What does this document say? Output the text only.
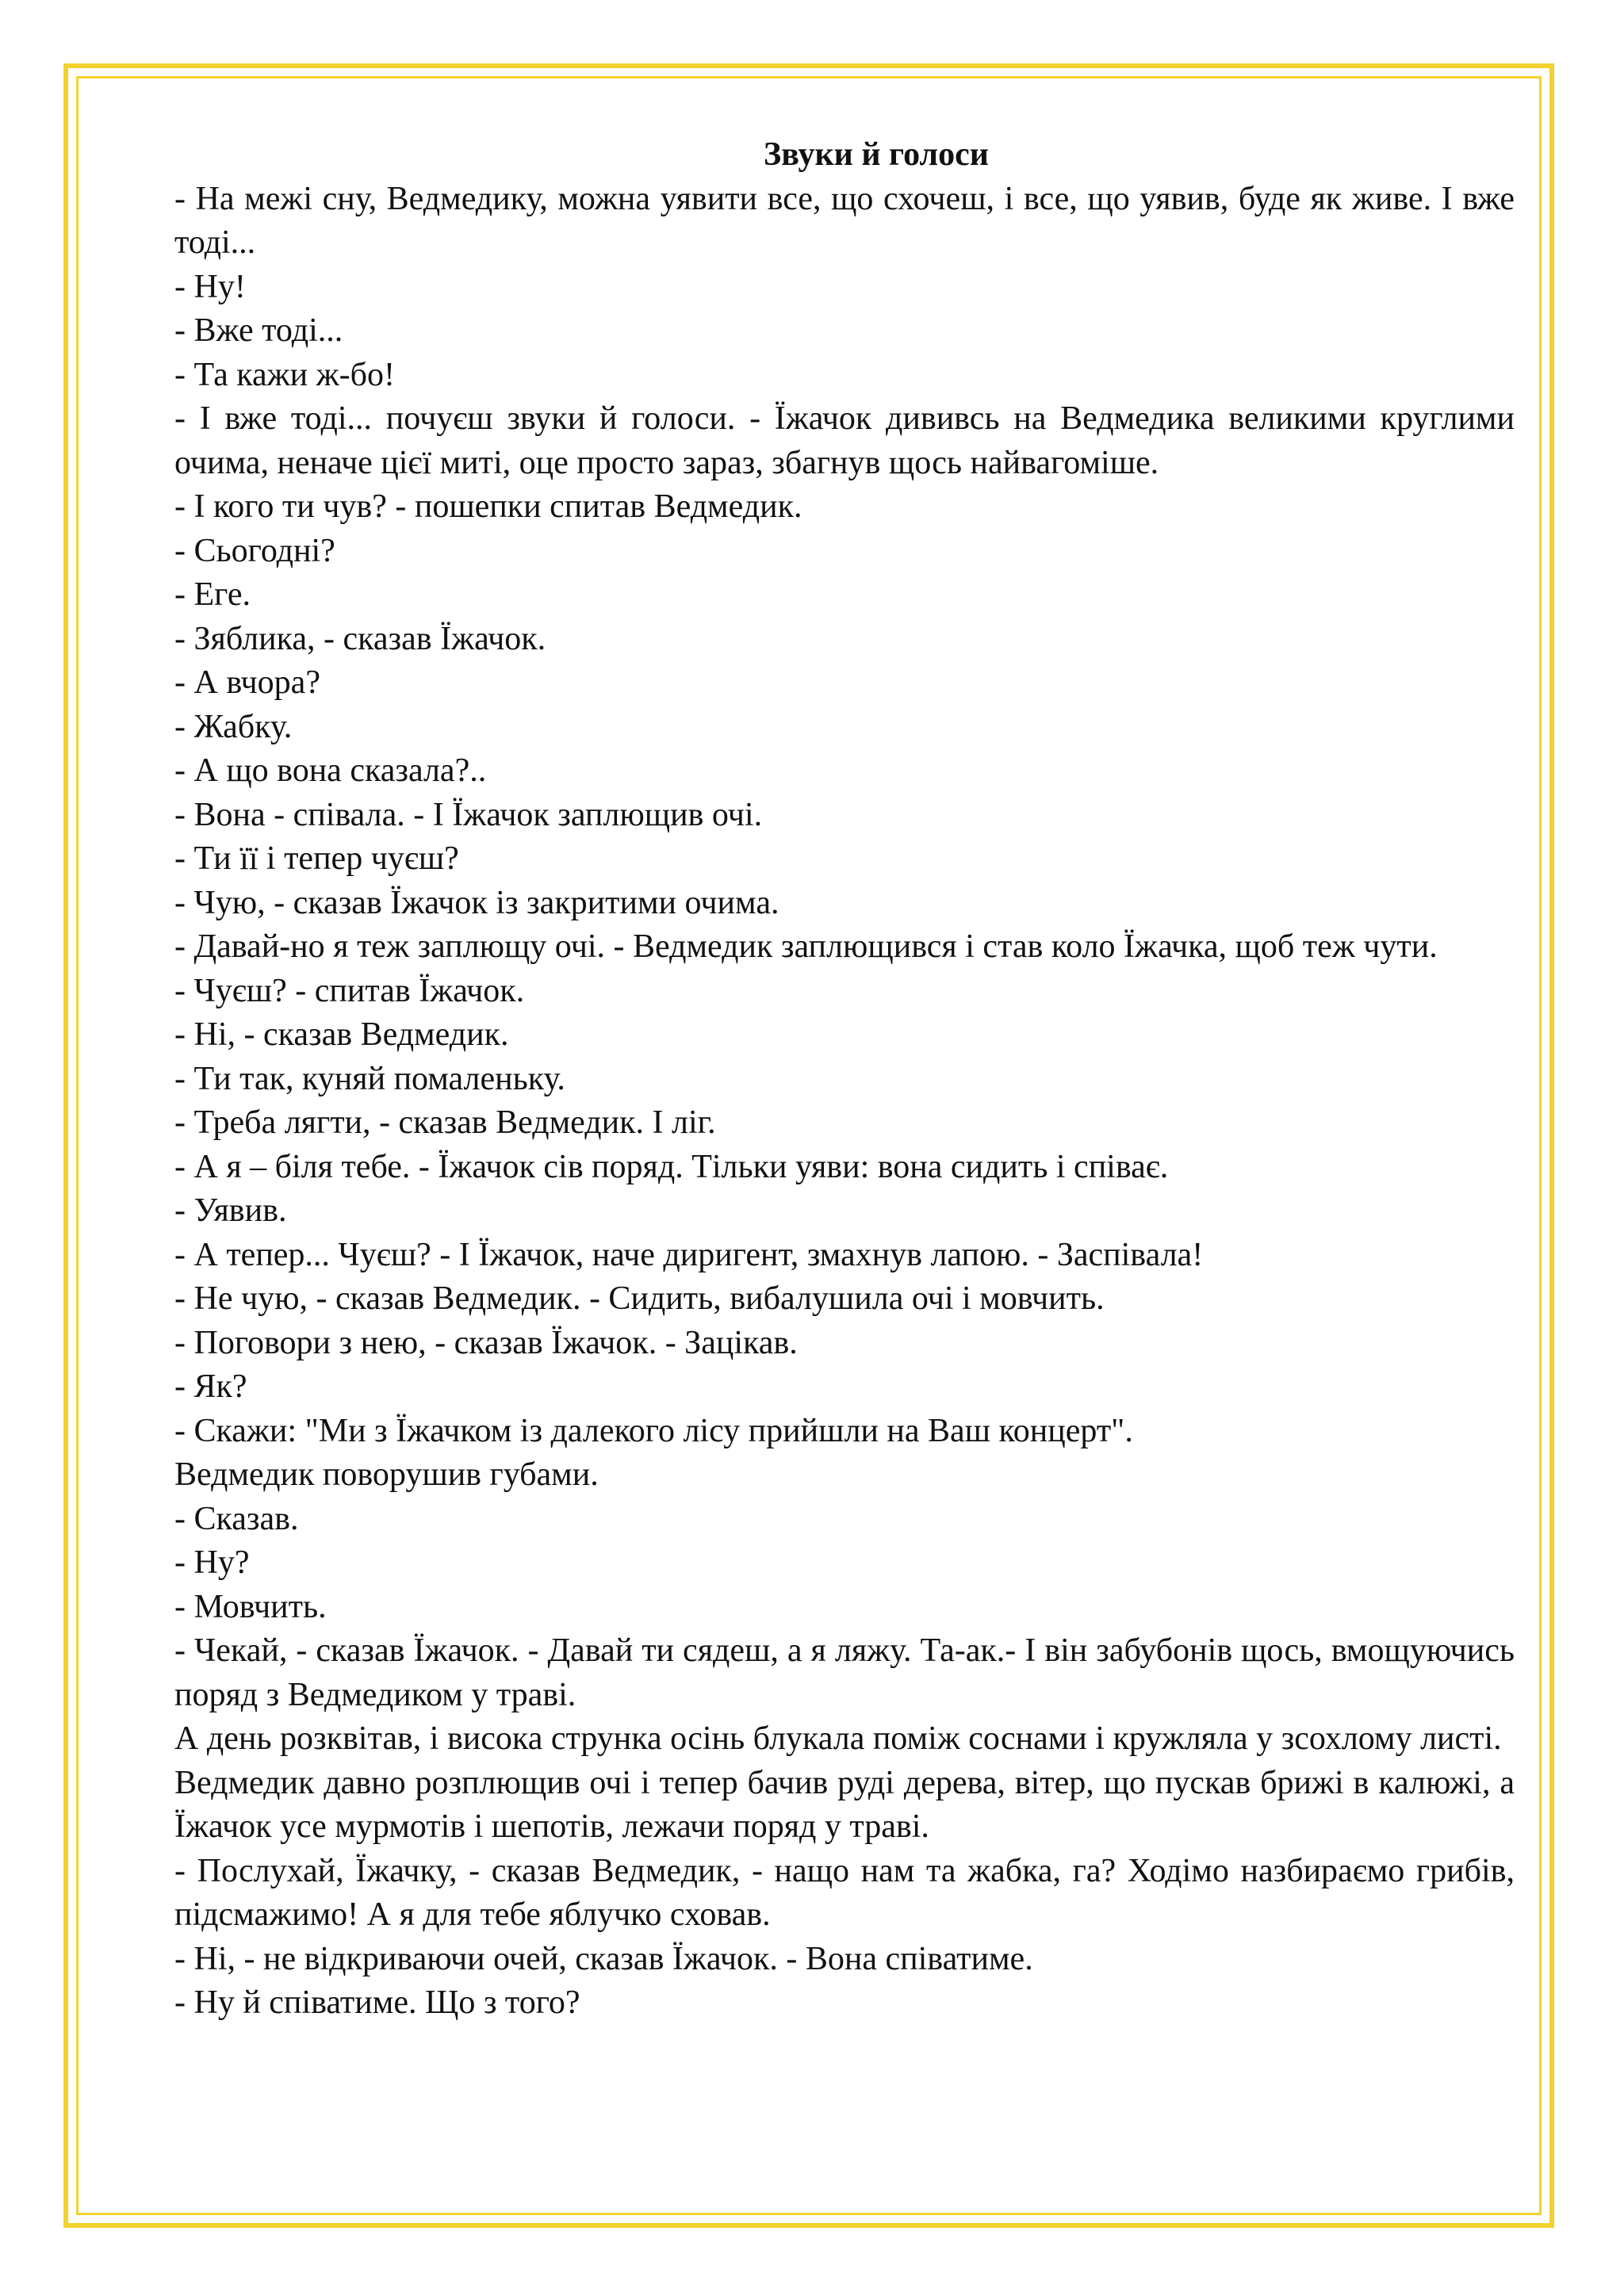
Звуки й голоси

- На межі сну, Ведмедику, можна уявити все, що схочеш, і все, що уявив, буде як живе. І вже тоді...

- Ну!

- Вже тоді...

- Та кажи ж-бо!

- І вже тоді... почуєш звуки й голоси. - Їжачок дививсь на Ведмедика великими круглими очима, неначе цієї миті, оце просто зараз, збагнув щось найвагоміше.

- І кого ти чув? - пошепки спитав Ведмедик.

- Сьогодні?

- Еге.

- Зяблика, - сказав Їжачок.

- А вчора?

- Жабку.

- А що вона сказала?..

- Вона - співала. - І Їжачок заплющив очі.

- Ти її і тепер чуєш?

- Чую, - сказав Їжачок із закритими очима.

- Давай-но я теж заплющу очі. - Ведмедик заплющився і став коло Їжачка, щоб теж чути.

- Чуєш? - спитав Їжачок.

- Ні, - сказав Ведмедик.

- Ти так, куняй помаленьку.

- Треба лягти, - сказав Ведмедик. І ліг.

- А я – біля тебе. - Їжачок сів поряд. Тільки уяви: вона сидить і співає.

- Уявив.

- А тепер... Чуєш? - І Їжачок, наче диригент, змахнув лапою. - Заспівала!

- Не чую, - сказав Ведмедик. - Сидить, вибалушила очі і мовчить.

- Поговори з нею, - сказав Їжачок. - Зацікав.

- Як?

- Скажи: "Ми з Їжачком із далекого лісу прийшли на Ваш концерт".

Ведмедик поворушив губами.

- Сказав.

- Ну?

- Мовчить.

- Чекай, - сказав Їжачок. - Давай ти сядеш, а я ляжу. Та-ак.- І він забубонів щось, вмощуючись поряд з Ведмедиком у траві.

А день розквітав, і висока струнка осінь блукала поміж соснами і кружляла у зсохлому листі.

Ведмедик давно розплющив очі і тепер бачив руді дерева, вітер, що пускав брижі в калюжі, а Їжачок усе мурмотів і шепотів, лежачи поряд у траві.

- Послухай, Їжачку, - сказав Ведмедик, - нащо нам та жабка, га? Ходімо назбираємо грибів, підсмажимо! А я для тебе яблучко сховав.

- Ні, - не відкриваючи очей, сказав Їжачок. - Вона співатиме.

- Ну й співатиме. Що з того?
